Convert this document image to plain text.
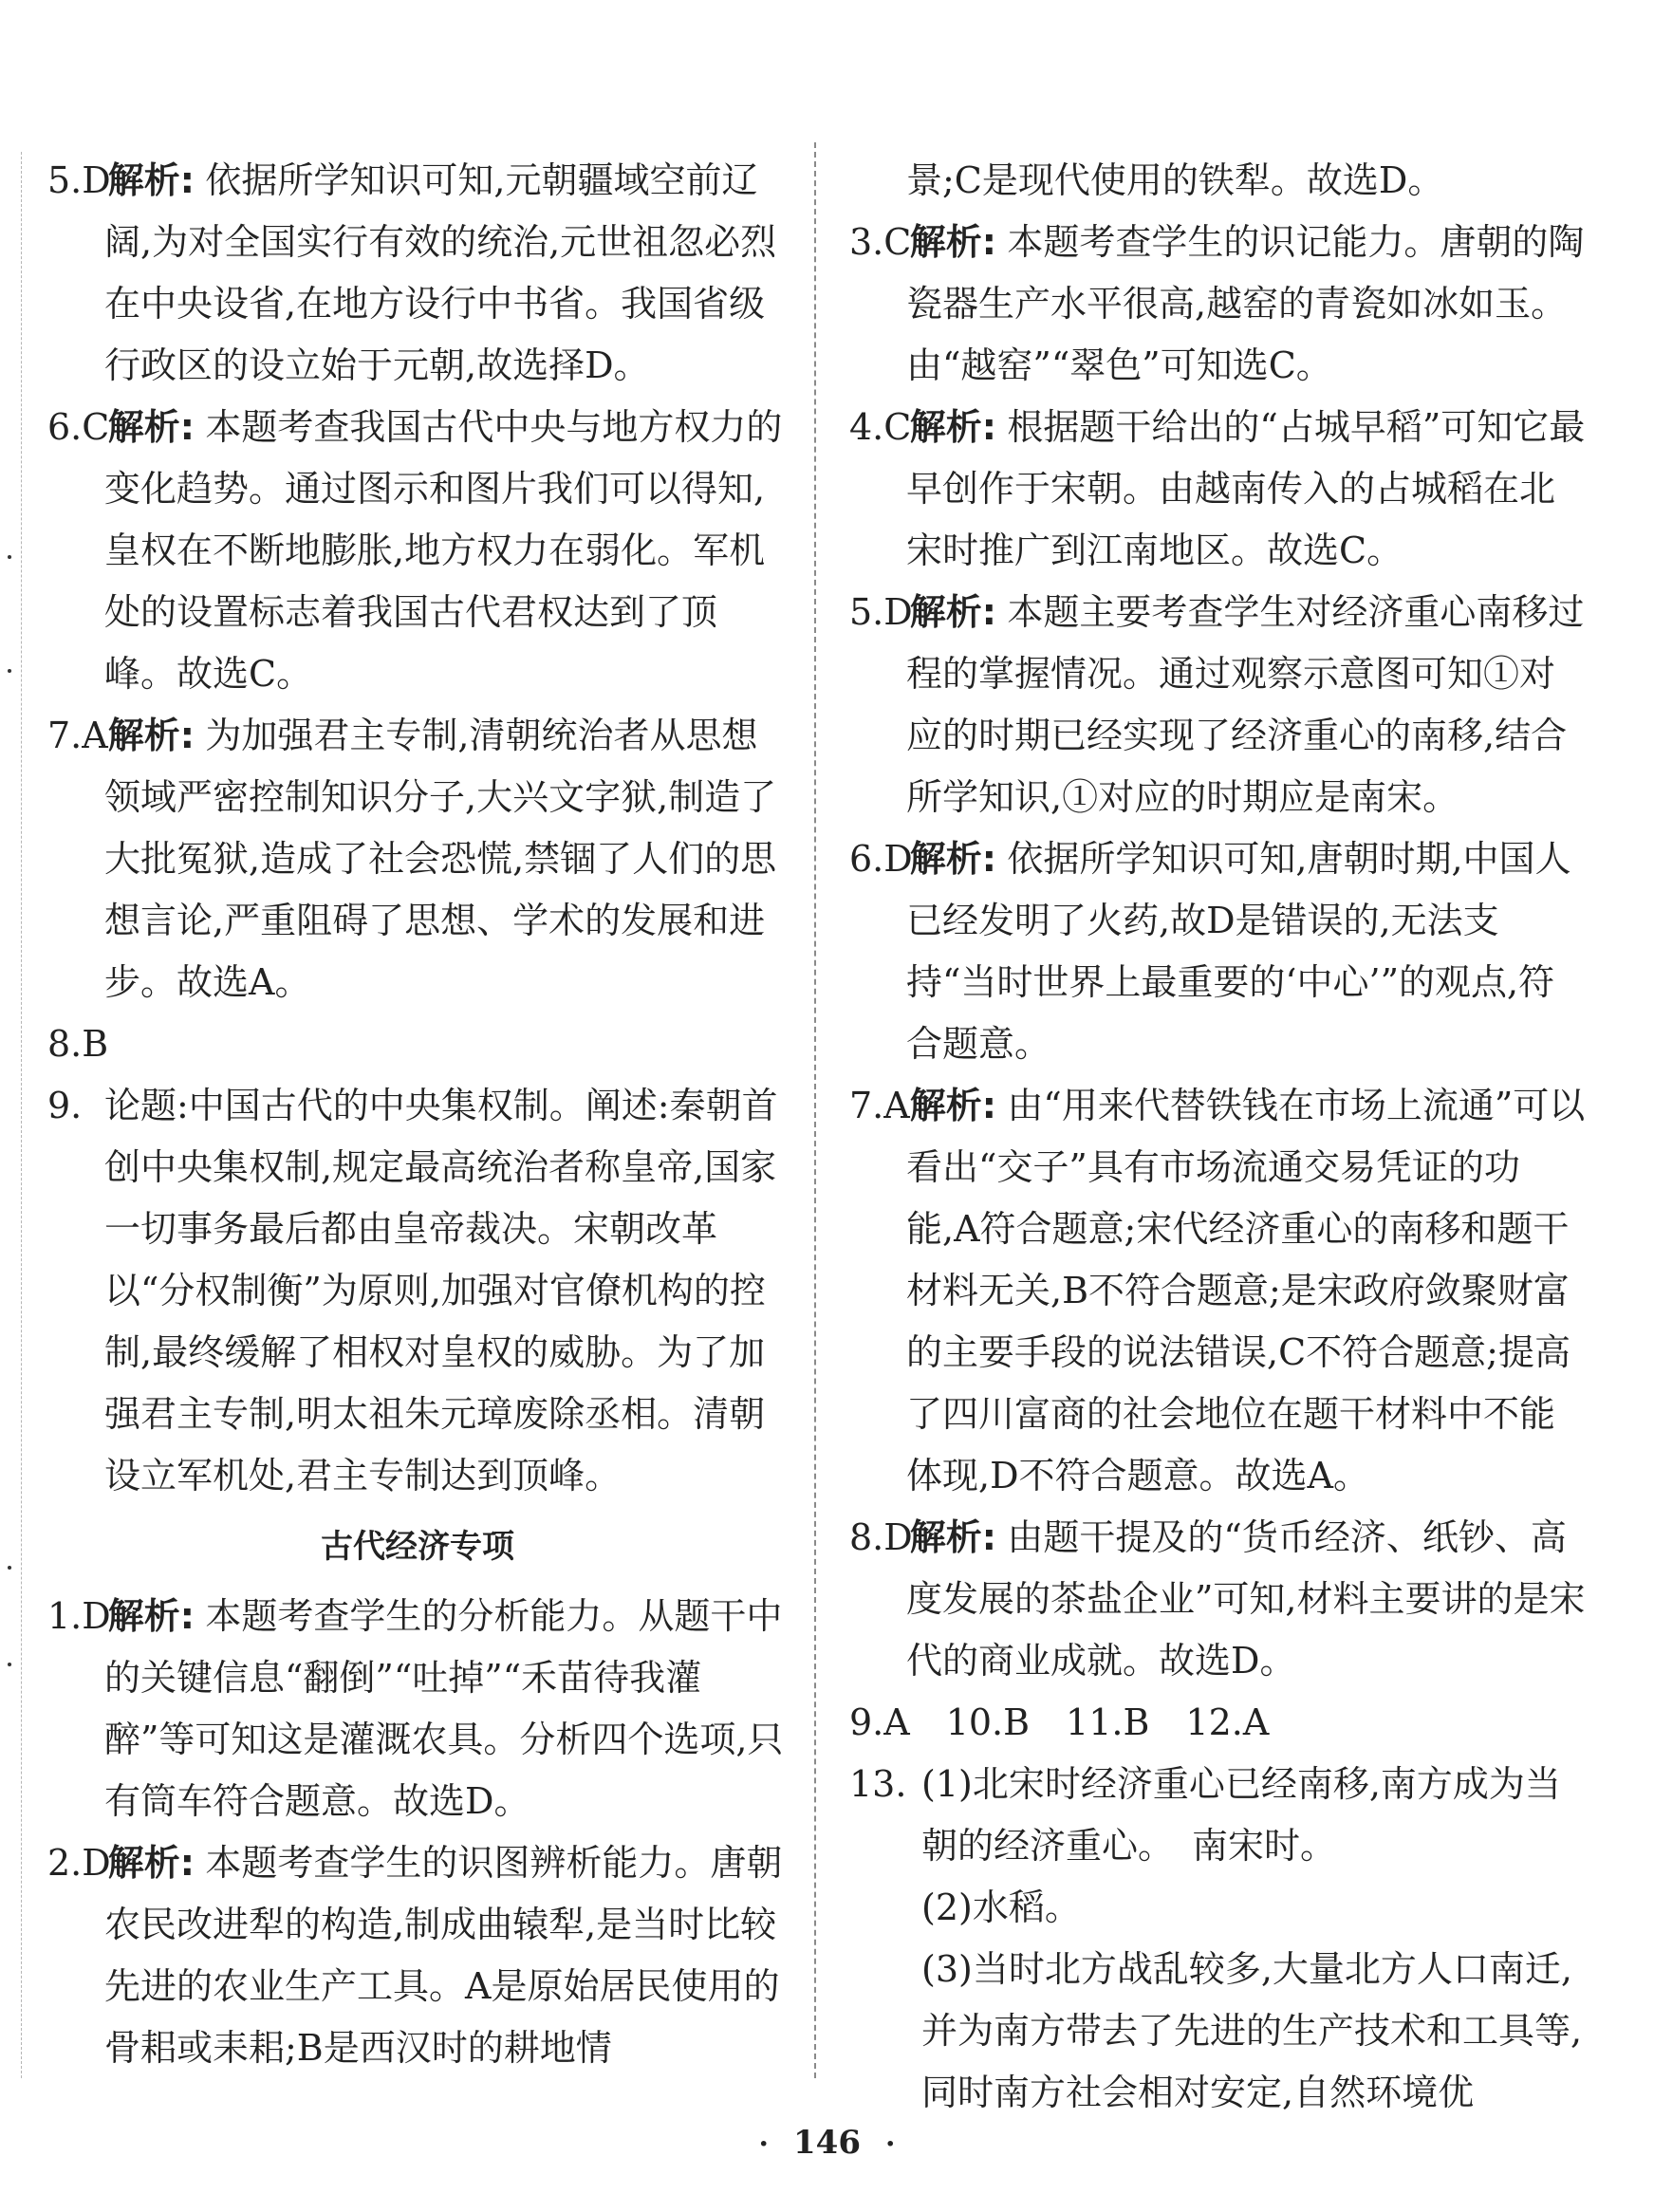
5.D
解析: 依据所学知识可知,元朝疆域空前辽阔,为对全国实行有效的统治,元世祖忽必烈在中央设省,在地方设行中书省。我国省级行政区的设立始于元朝,故选择D。
6.C
解析: 本题考查我国古代中央与地方权力的变化趋势。通过图示和图片我们可以得知,皇权在不断地膨胀,地方权力在弱化。军机处的设置标志着我国古代君权达到了顶峰。故选C。
7.A 解析: 为加强君主专制,清朝统治者从思想领域严密控制知识分子,大兴文字狱,制造了大批冤狱,造成了社会恐慌,禁锢了人们的思想言论,严重阻碍了思想、学术的发展和进步。故选A。
8.B

9. 论题:中国古代的中央集权制。阐述:秦朝首创中央集权制,规定最高统治者称皇帝,国家一切事务最后都由皇帝裁决。宋朝改革以“分权制衡”为原则,加强对官僚机构的控制,最终缓解了相权对皇权的威胁。为了加强君主专制,明太祖朱元璋废除丞相。清朝设立军机处,君主专制达到顶峰。
古代经济专项
1.D
解析: 本题考查学生的分析能力。从题干中的关键信息“翻倒”“吐掉”“禾苗待我灌醉”等可知这是灌溉农具。分析四个选项,只有筒车符合题意。故选D。
2.D
解析: 本题考查学生的识图辨析能力。唐朝农民改进犁的构造,制成曲辕犁,是当时比较先进的农业生产工具。A是原始居民使用的骨耜或耒耜;B是西汉时的耕地情
景;C是现代使用的铁犁。故选D。
3.C
解析: 本题考查学生的识记能力。唐朝的陶瓷器生产水平很高,越窑的青瓷如冰如玉。由“越窑”“翠色”可知选C。
4.C
解析: 根据题干给出的“占城早稻”可知它最早创作于宋朝。由越南传入的占城稻在北宋时推广到江南地区。故选C。
5.D
解析: 本题主要考查学生对经济重心南移过程的掌握情况。通过观察示意图可知①对应的时期已经实现了经济重心的南移,结合所学知识,①对应的时期应是南宋。
6.D
解析: 依据所学知识可知,唐朝时期,中国人已经发明了火药,故D是错误的,无法支持“当时世界上最重要的‘中心’”的观点,符合题意。
7.A 解析: 由“用来代替铁钱在市场上流通”可以看出“交子”具有市场流通交易凭证的功能,A符合题意;宋代经济重心的南移和题干材料无关,B不符合题意;是宋政府敛聚财富的主要手段的说法错误,C不符合题意;提高了四川富商的社会地位在题干材料中不能体现,D不符合题意。故选A。
8.D
解析: 由题干提及的“货币经济、纸钞、高度发展的茶盐企业”可知,材料主要讲的是宋代的商业成就。故选D。
9.A　10.B　11.B　12.A
13. (1)北宋时经济重心已经南移,南方成为当朝的经济重心。　南宋时。
(2)水稻。
(3)当时北方战乱较多,大量北方人口南迁,并为南方带去了先进的生产技术和工具等,同时南方社会相对安定,自然环境优
· 146 ·
